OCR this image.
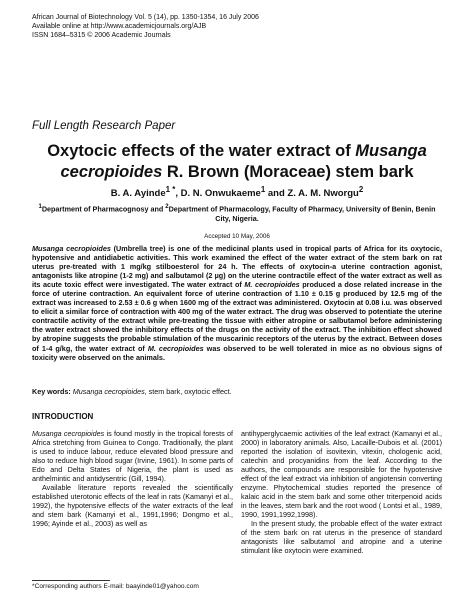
African Journal of Biotechnology Vol. 5 (14), pp. 1350-1354, 16 July 2006
Available online at http://www.academicjournals.org/AJB
ISSN 1684–5315 © 2006 Academic Journals
Full Length Research Paper
Oxytocic effects of the water extract of Musanga cecropioides R. Brown (Moraceae) stem bark
B. A. Ayinde$^{1 *}$, D. N. Onwukaeme$^1$ and Z. A. M. Nworgu$^2$
$^1$Department of Pharmacognosy and $^2$Department of Pharmacology, Faculty of Pharmacy, University of Benin, Benin City, Nigeria.
Accepted 10 May, 2006
Musanga cecropioides (Umbrella tree) is one of the medicinal plants used in tropical parts of Africa for its oxytocic, hypotensive and antidiabetic activities. This work examined the effect of the water extract of the stem bark on rat uterus pre-treated with 1 mg/kg stilboesterol for 24 h. The effects of oxytocin-a uterine contraction agonist, antagonists like atropine (1-2 mg) and salbutamol (2 µg) on the uterine contractile effect of the water extract as well as its acute toxic effect were investigated. The water extract of M. cecropioides produced a dose related increase in the force of uterine contraction. An equivalent force of uterine contraction of 1.10 ± 0.15 g produced by 12.5 mg of the extract was increased to 2.53 ± 0.6 g when 1600 mg of the extract was administered. Oxytocin at 0.08 i.u. was observed to elicit a similar force of contraction with 400 mg of the water extract. The drug was observed to potentiate the uterine contractile activity of the extract while pre-treating the tissue with either atropine or salbutamol before administering the water extract showed the inhibitory effects of the drugs on the activity of the extract. The inhibition effect showed by atropine suggests the probable stimulation of the muscarinic receptors of the uterus by the extract. Between doses of 1-4 g/kg, the water extract of M. cecropioides was observed to be well tolerated in mice as no obvious signs of toxicity were observed on the animals.
Key words: Musanga cecropioides, stem bark, oxytocic effect.
INTRODUCTION

Musanga cecropioides is found mostly in the tropical forests of Africa stretching from Guinea to Congo. Traditionally, the plant is used to induce labour, reduce elevated blood pressure and also to reduce high blood sugar (Irvine, 1961). In some parts of Edo and Delta States of Nigeria, the plant is used as anthelmintic and antidysentric (Gill, 1994).

Available literature reports revealed the scientifically established uterotonic effects of the leaf in rats (Kamanyi et al., 1992), the hypotensive effects of the water extracts of the leaf and stem bark (Kamanyi et al., 1991,1996; Dongmo et al., 1996; Ayinde et al., 2003) as well as

antihyperglycaemic activities of the leaf extract (Kamanyi et al., 2000) in laboratory animals. Also, Lacaille-Dubois et al. (2001) reported the isolation of isovitexin, vitexin, chologenic acid, catechin and procyanidins from the leaf. According to the authors, the compounds are responsible for the hypotensive effect of the leaf extract via inhibition of angiotensin converting enzyme. Phytochemical studies reported the presence of kalaic acid in the stem bark and some other triterpenoid acids in the leaves, stem bark and the root wood ( Lontsi et al., 1989, 1990, 1991,1992,1998).

In the present study, the probable effect of the water extract of the stem bark on rat uterus in the presence of standard antagonists like salbutamol and atropine and a uterine stimulant like oxytocin were examined.

*Corresponding authors E-mail: baayinde01@yahoo.com
